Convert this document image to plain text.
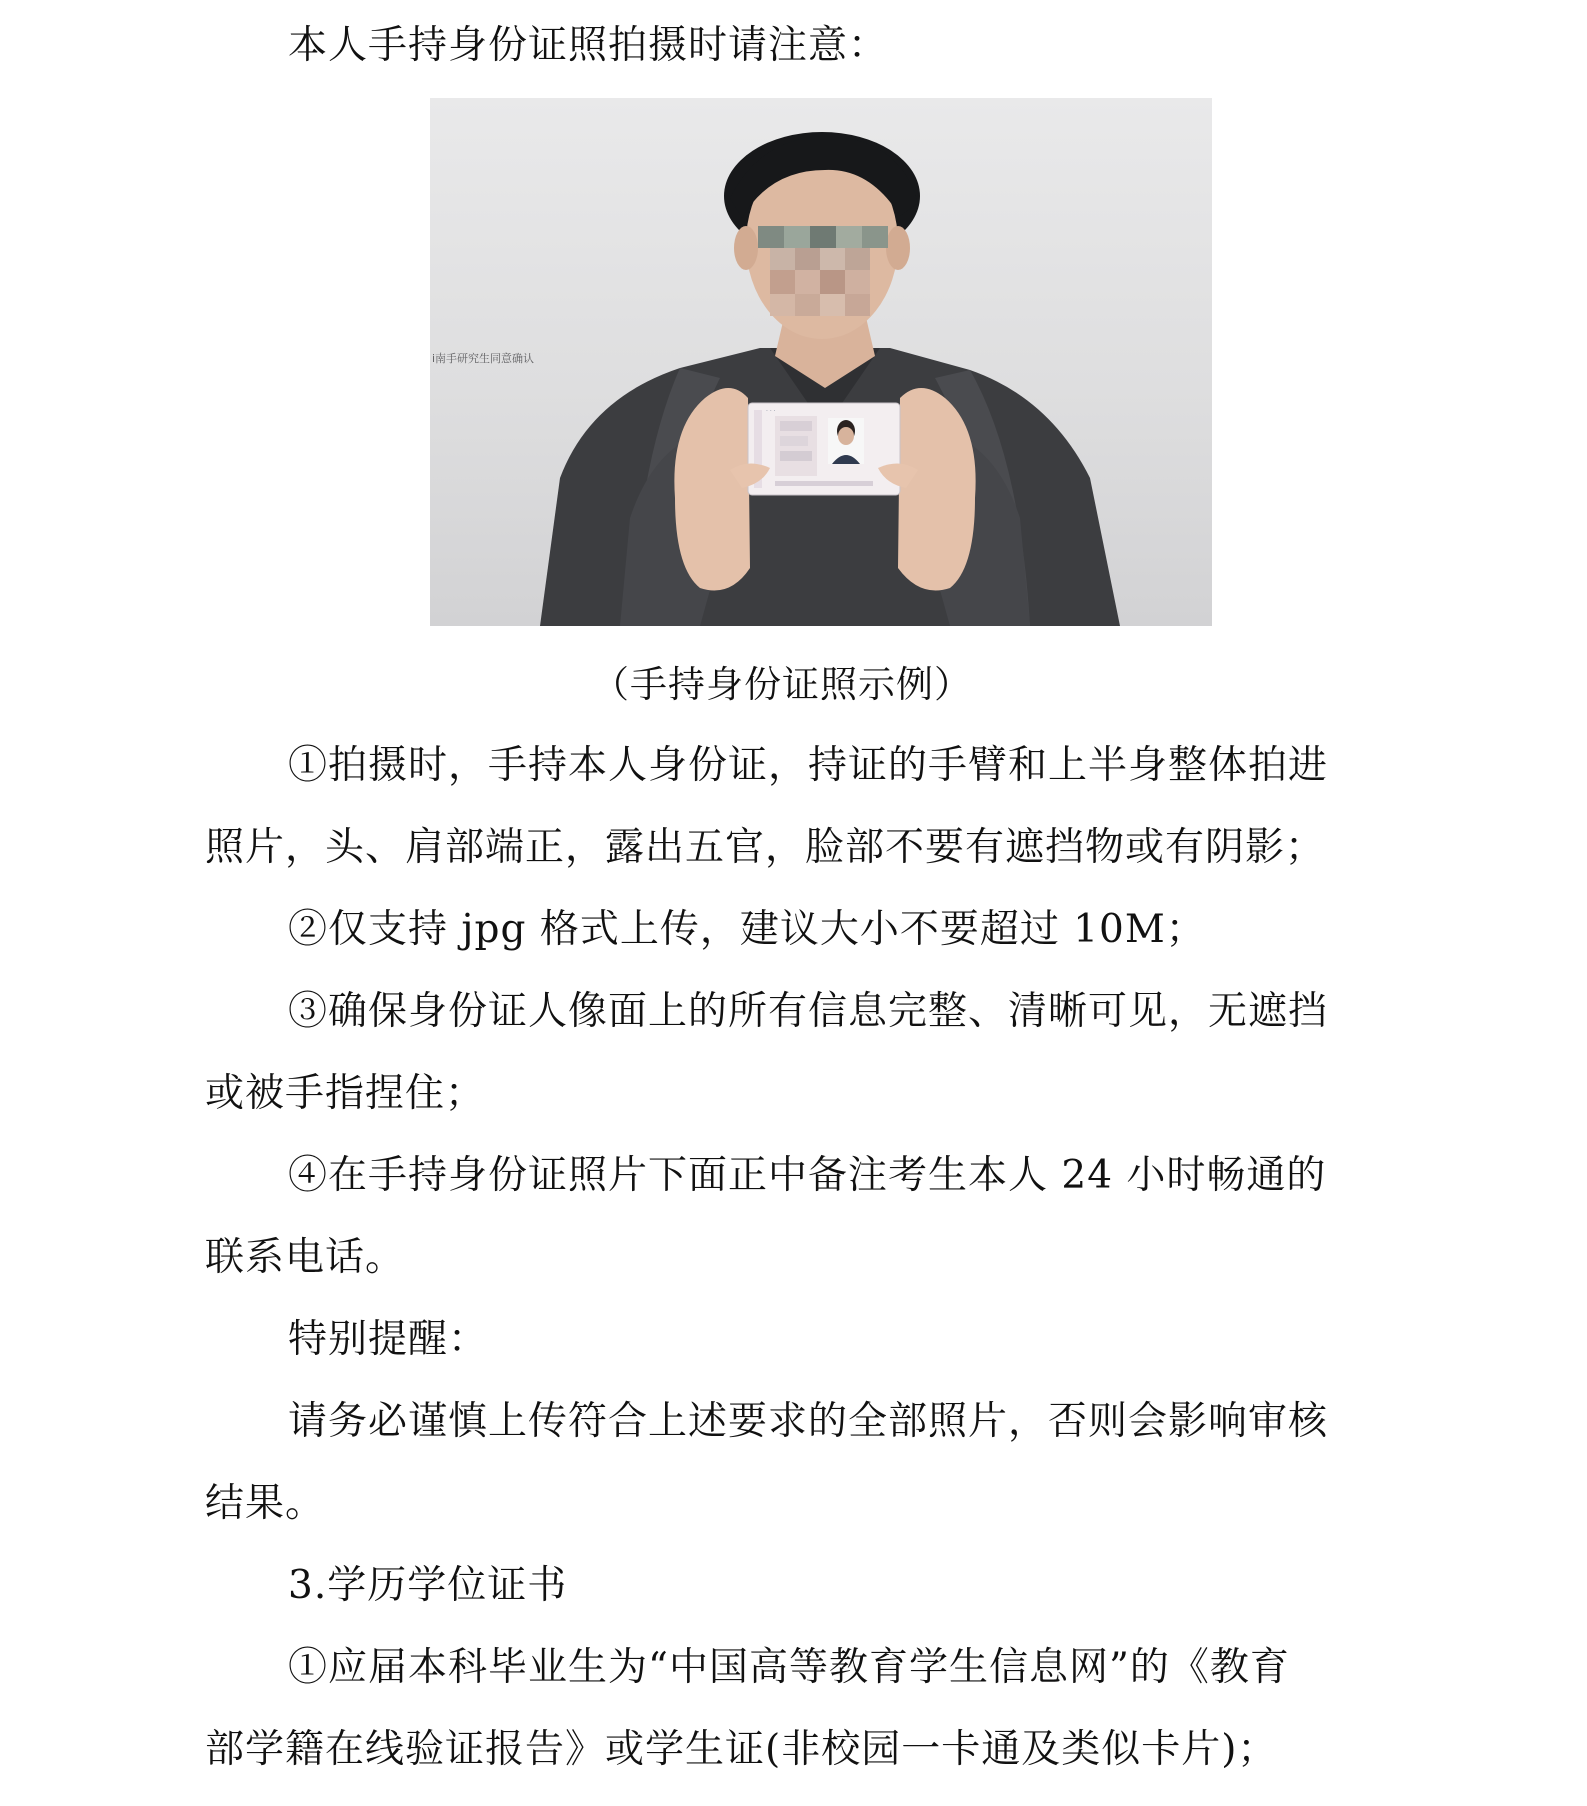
本人手持身份证照拍摄时请注意：

· · ·
i南手研究生同意确认

（手持身份证照示例）

①拍摄时，手持本人身份证，持证的手臂和上半身整体拍进

照片，头、肩部端正，露出五官，脸部不要有遮挡物或有阴影；

②仅支持 jpg 格式上传，建议大小不要超过 10M；

③确保身份证人像面上的所有信息完整、清晰可见，无遮挡

或被手指捏住；

④在手持身份证照片下面正中备注考生本人 24 小时畅通的

联系电话。

特别提醒：

请务必谨慎上传符合上述要求的全部照片，否则会影响审核

结果。

3.学历学位证书

①应届本科毕业生为“中国高等教育学生信息网”的《教育

部学籍在线验证报告》或学生证(非校园一卡通及类似卡片)；
